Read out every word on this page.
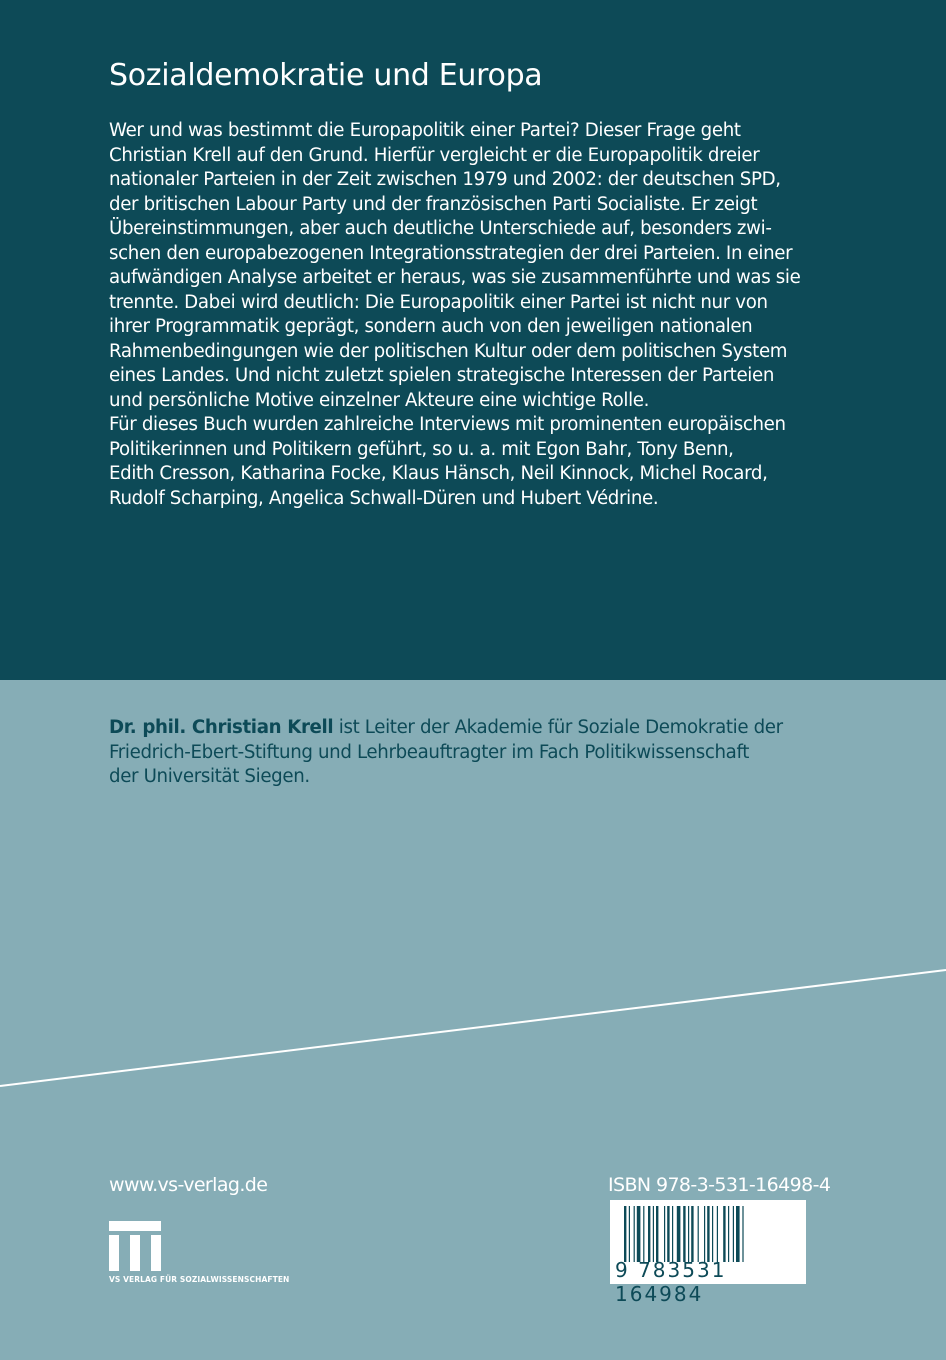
Sozialdemokratie und Europa
Wer und was bestimmt die Europapolitik einer Partei? Dieser Frage geht
Christian Krell auf den Grund. Hierfür vergleicht er die Europapolitik dreier
nationaler Parteien in der Zeit zwischen 1979 und 2002: der deutschen SPD,
der britischen Labour Party und der französischen Parti Socialiste. Er zeigt
Übereinstimmungen, aber auch deutliche Unterschiede auf, besonders zwi-
schen den europabezogenen Integrationsstrategien der drei Parteien. In einer
aufwändigen Analyse arbeitet er heraus, was sie zusammenführte und was sie
trennte. Dabei wird deutlich: Die Europapolitik einer Partei ist nicht nur von
ihrer Programmatik geprägt, sondern auch von den jeweiligen nationalen
Rahmenbedingungen wie der politischen Kultur oder dem politischen System
eines Landes. Und nicht zuletzt spielen strategische Interessen der Parteien
und persönliche Motive einzelner Akteure eine wichtige Rolle.
Für dieses Buch wurden zahlreiche Interviews mit prominenten europäischen
Politikerinnen und Politikern geführt, so u. a. mit Egon Bahr, Tony Benn,
Edith Cresson, Katharina Focke, Klaus Hänsch, Neil Kinnock, Michel Rocard,
Rudolf Scharping, Angelica Schwall-Düren und Hubert Védrine.
Dr. phil. Christian Krell ist Leiter der Akademie für Soziale Demokratie der
Friedrich-Ebert-Stiftung und Lehrbeauftragter im Fach Politikwissenschaft
der Universität Siegen.
www.vs-verlag.de
VS VERLAG FÜR SOZIALWISSENSCHAFTEN
ISBN 978-3-531-16498-4
9 783531 164984
